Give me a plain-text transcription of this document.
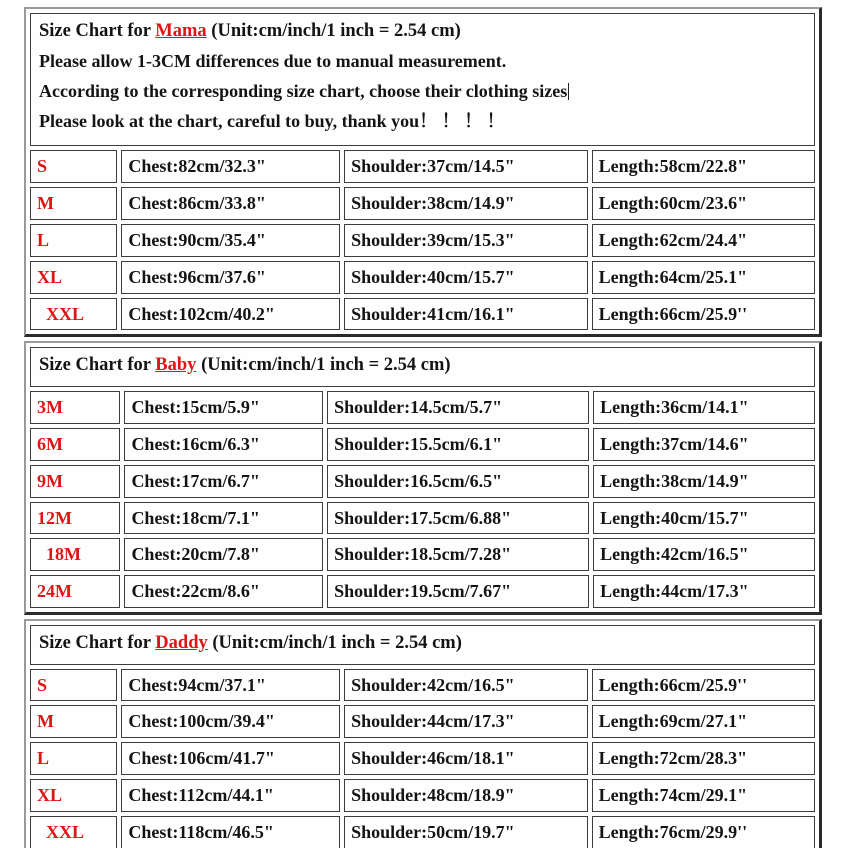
Size Chart for Mama (Unit:cm/inch/1 inch = 2.54 cm)

Please allow 1-3CM differences due to manual measurement.

According to the corresponding size chart, choose their clothing sizes

Please look at the chart, careful to buy, thank you！ ！ ！ ！			

S	Chest:82cm/32.3"	Shoulder:37cm/14.5"	Length:58cm/22.8"
M	Chest:86cm/33.8"	Shoulder:38cm/14.9"	Length:60cm/23.6"
L	Chest:90cm/35.4"	Shoulder:39cm/15.3"	Length:62cm/24.4"
XL	Chest:96cm/37.6"	Shoulder:40cm/15.7"	Length:64cm/25.1"
XXL	Chest:102cm/40.2"	Shoulder:41cm/16.1"	Length:66cm/25.9''

Size Chart for Baby (Unit:cm/inch/1 inch = 2.54 cm)			

3M	Chest:15cm/5.9"	Shoulder:14.5cm/5.7"	Length:36cm/14.1"
6M	Chest:16cm/6.3"	Shoulder:15.5cm/6.1"	Length:37cm/14.6"
9M	Chest:17cm/6.7"	Shoulder:16.5cm/6.5"	Length:38cm/14.9"
12M	Chest:18cm/7.1"	Shoulder:17.5cm/6.88"	Length:40cm/15.7"
18M	Chest:20cm/7.8"	Shoulder:18.5cm/7.28"	Length:42cm/16.5"
24M	Chest:22cm/8.6"	Shoulder:19.5cm/7.67"	Length:44cm/17.3"

Size Chart for Daddy (Unit:cm/inch/1 inch = 2.54 cm)			

S	Chest:94cm/37.1"	Shoulder:42cm/16.5"	Length:66cm/25.9''
M	Chest:100cm/39.4"	Shoulder:44cm/17.3"	Length:69cm/27.1"
L	Chest:106cm/41.7"	Shoulder:46cm/18.1"	Length:72cm/28.3"
XL	Chest:112cm/44.1"	Shoulder:48cm/18.9"	Length:74cm/29.1"
XXL	Chest:118cm/46.5"	Shoulder:50cm/19.7"	Length:76cm/29.9''
